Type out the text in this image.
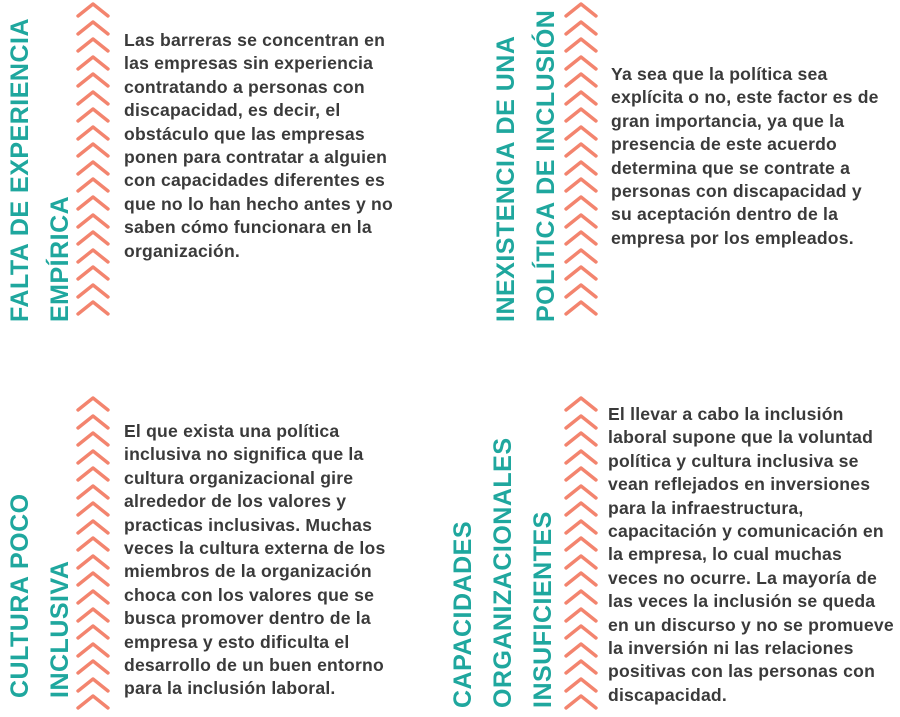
FALTA DE EXPERIENCIA EMPÍRICA
Las barreras se concentran en las empresas sin experiencia contratando a personas con discapacidad, es decir, el obstáculo que las empresas ponen para contratar a alguien con capacidades diferentes es que no lo han hecho antes y no saben cómo funcionara en la organización.	INEXISTENCIA DE UNA POLÍTICA DE INCLUSIÓN	Ya sea que la política sea explícita o no, este factor es de gran importancia, ya que la presencia de este acuerdo determina que se contrate a personas con discapacidad y su aceptación dentro de la empresa por los empleados.
CULTURA POCO INCLUSIVA
El que exista una política inclusiva no significa que la cultura organizacional gire alrededor de los valores y practicas inclusivas. Muchas veces la cultura externa de los miembros de la organización choca con los valores que se busca promover dentro de la empresa y esto dificulta el desarrollo de un buen entorno para la inclusión laboral.	CAPACIDADES ORGANIZACIONALES INSUFICIENTES
El llevar a cabo la inclusión laboral supone que la voluntad política y cultura inclusiva se vean reflejados en inversiones para la infraestructura, capacitación y comunicación en la empresa, lo cual muchas veces no ocurre. La mayoría de las veces la inclusión se queda en un discurso y no se promueve la inversión ni las relaciones positivas con las personas con discapacidad.
